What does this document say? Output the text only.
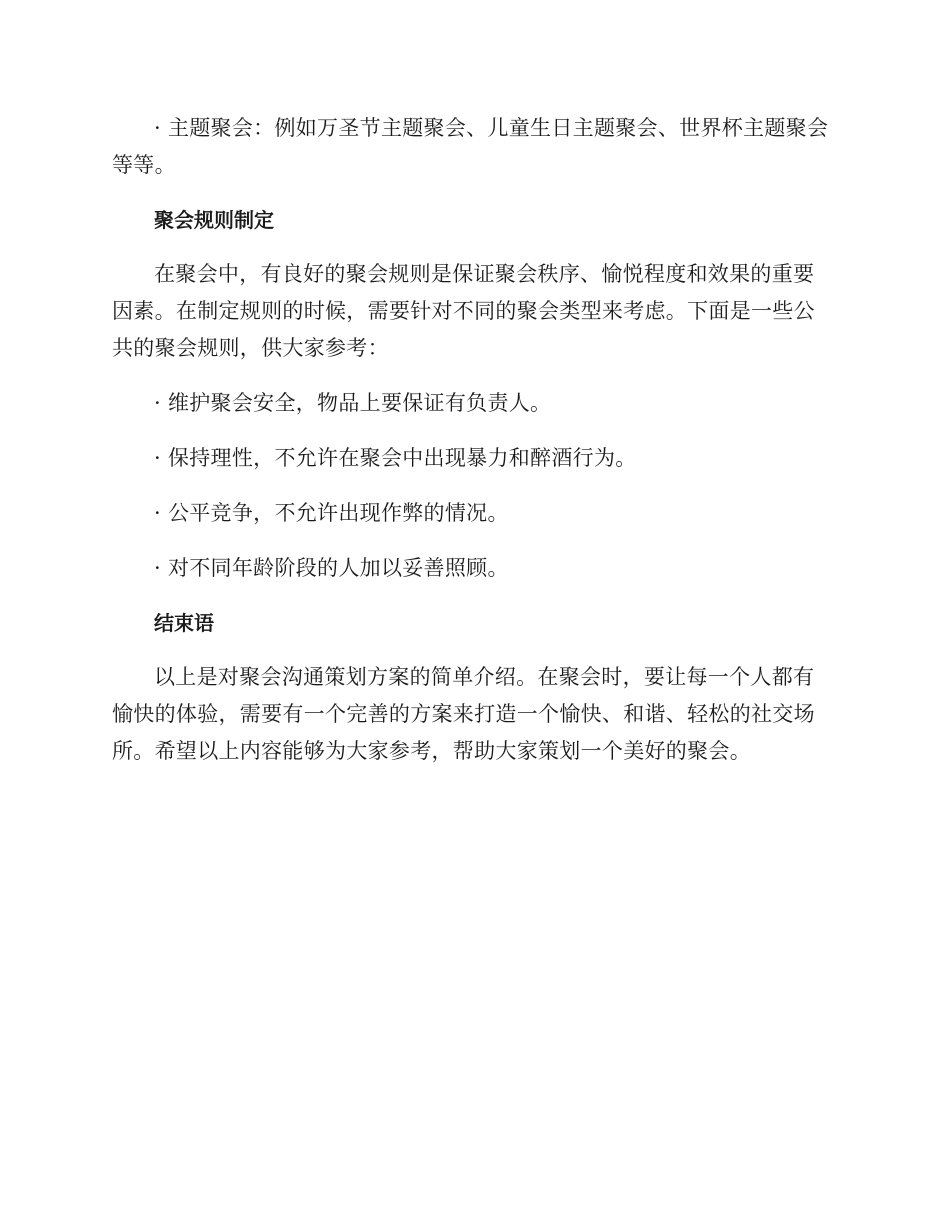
· 主题聚会：例如万圣节主题聚会、儿童生日主题聚会、世界杯主题聚会等等。

聚会规则制定

在聚会中，有良好的聚会规则是保证聚会秩序、愉悦程度和效果的重要因素。在制定规则的时候，需要针对不同的聚会类型来考虑。下面是一些公共的聚会规则，供大家参考：

· 维护聚会安全，物品上要保证有负责人。

· 保持理性，不允许在聚会中出现暴力和醉酒行为。

· 公平竞争，不允许出现作弊的情况。

· 对不同年龄阶段的人加以妥善照顾。

结束语

以上是对聚会沟通策划方案的简单介绍。在聚会时，要让每一个人都有愉快的体验，需要有一个完善的方案来打造一个愉快、和谐、轻松的社交场所。希望以上内容能够为大家参考，帮助大家策划一个美好的聚会。
